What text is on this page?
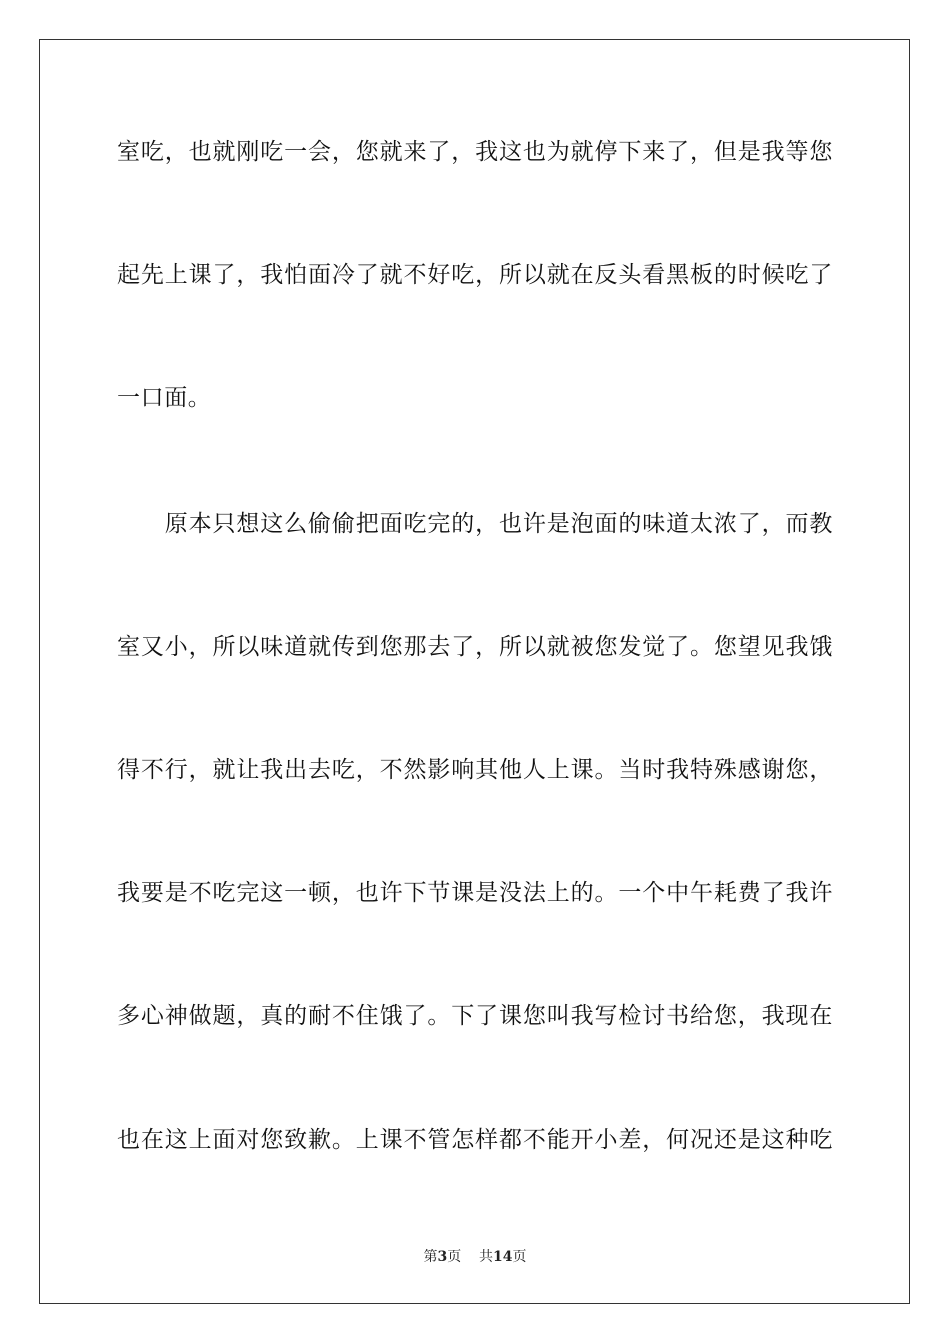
室吃，也就刚吃一会，您就来了，我这也为就停下来了，但是我等您
起先上课了，我怕面冷了就不好吃，所以就在反头看黑板的时候吃了
一口面。
　　原本只想这么偷偷把面吃完的，也许是泡面的味道太浓了，而教
室又小，所以味道就传到您那去了，所以就被您发觉了。您望见我饿
得不行，就让我出去吃，不然影响其他人上课。当时我特殊感谢您，
我要是不吃完这一顿，也许下节课是没法上的。一个中午耗费了我许
多心神做题，真的耐不住饿了。下了课您叫我写检讨书给您，我现在
也在这上面对您致歉。上课不管怎样都不能开小差，何况还是这种吃
第3页 共14页
